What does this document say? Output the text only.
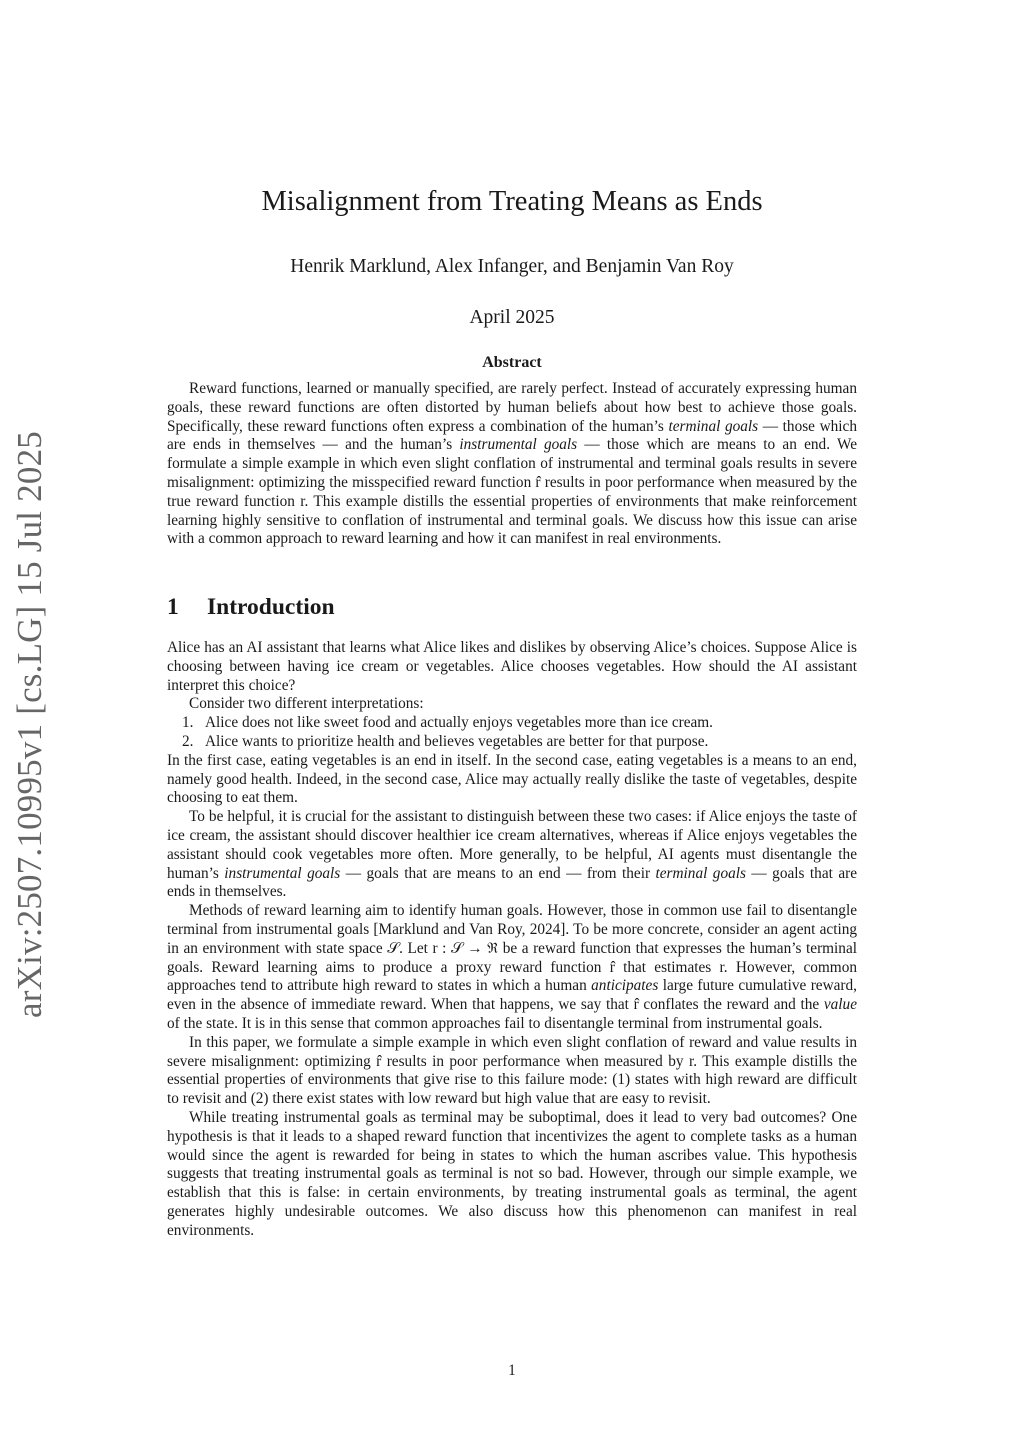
arXiv:2507.10995v1 [cs.LG] 15 Jul 2025
Misalignment from Treating Means as Ends
Henrik Marklund, Alex Infanger, and Benjamin Van Roy
April 2025
Abstract

Reward functions, learned or manually specified, are rarely perfect. Instead of accurately expressing human goals, these reward functions are often distorted by human beliefs about how best to achieve those goals. Specifically, these reward functions often express a combination of the human’s terminal goals — those which are ends in themselves — and the human’s instrumental goals — those which are means to an end. We formulate a simple example in which even slight conflation of instrumental and terminal goals results in severe misalignment: optimizing the misspecified reward function r̂ results in poor performance when measured by the true reward function r. This example distills the essential properties of environments that make reinforcement learning highly sensitive to conflation of instrumental and terminal goals. We discuss how this issue can arise with a common approach to reward learning and how it can manifest in real environments.

1 Introduction

Alice has an AI assistant that learns what Alice likes and dislikes by observing Alice’s choices. Suppose Alice is choosing between having ice cream or vegetables. Alice chooses vegetables. How should the AI assistant interpret this choice?

Consider two different interpretations:

1. Alice does not like sweet food and actually enjoys vegetables more than ice cream.
2. Alice wants to prioritize health and believes vegetables are better for that purpose.

In the first case, eating vegetables is an end in itself. In the second case, eating vegetables is a means to an end, namely good health. Indeed, in the second case, Alice may actually really dislike the taste of vegetables, despite choosing to eat them.

To be helpful, it is crucial for the assistant to distinguish between these two cases: if Alice enjoys the taste of ice cream, the assistant should discover healthier ice cream alternatives, whereas if Alice enjoys vegetables the assistant should cook vegetables more often. More generally, to be helpful, AI agents must disentangle the human’s instrumental goals — goals that are means to an end — from their terminal goals — goals that are ends in themselves.

Methods of reward learning aim to identify human goals. However, those in common use fail to disentangle terminal from instrumental goals [Marklund and Van Roy, 2024]. To be more concrete, consider an agent acting in an environment with state space 𝒮. Let r : 𝒮 → ℜ be a reward function that expresses the human’s terminal goals. Reward learning aims to produce a proxy reward function r̂ that estimates r. However, common approaches tend to attribute high reward to states in which a human anticipates large future cumulative reward, even in the absence of immediate reward. When that happens, we say that r̂ conflates the reward and the value of the state. It is in this sense that common approaches fail to disentangle terminal from instrumental goals.

In this paper, we formulate a simple example in which even slight conflation of reward and value results in severe misalignment: optimizing r̂ results in poor performance when measured by r. This example distills the essential properties of environments that give rise to this failure mode: (1) states with high reward are difficult to revisit and (2) there exist states with low reward but high value that are easy to revisit.

While treating instrumental goals as terminal may be suboptimal, does it lead to very bad outcomes? One hypothesis is that it leads to a shaped reward function that incentivizes the agent to complete tasks as a human would since the agent is rewarded for being in states to which the human ascribes value. This hypothesis suggests that treating instrumental goals as terminal is not so bad. However, through our simple example, we establish that this is false: in certain environments, by treating instrumental goals as terminal, the agent generates highly undesirable outcomes. We also discuss how this phenomenon can manifest in real environments.

1
